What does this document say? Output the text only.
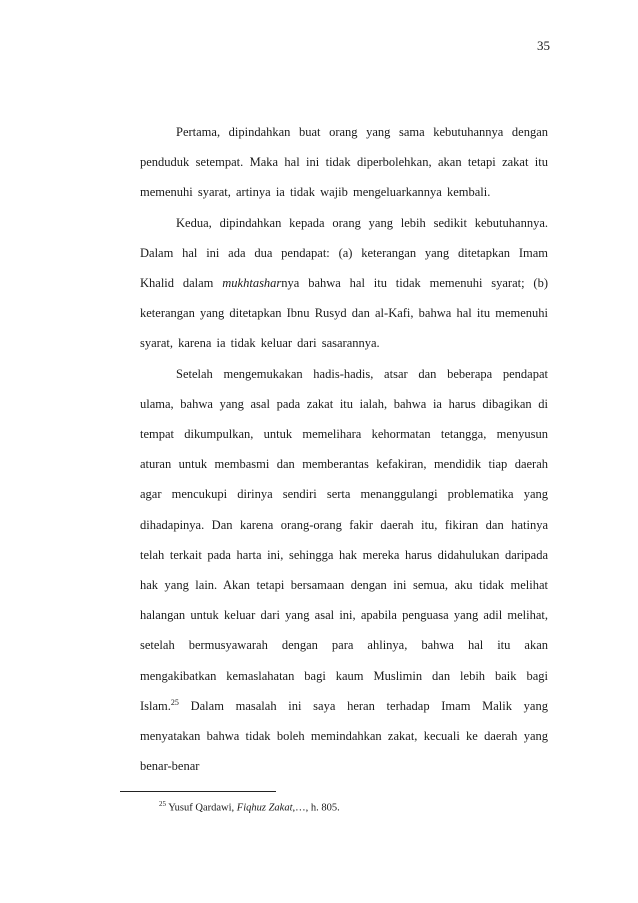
35

Pertama, dipindahkan buat orang yang sama kebutuhannya dengan penduduk setempat. Maka hal ini tidak diperbolehkan, akan tetapi zakat itu memenuhi syarat, artinya ia tidak wajib mengeluarkannya kembali.

Kedua, dipindahkan kepada orang yang lebih sedikit kebutuhannya. Dalam hal ini ada dua pendapat: (a) keterangan yang ditetapkan Imam Khalid dalam mukhtasharnya bahwa hal itu tidak memenuhi syarat; (b) keterangan yang ditetapkan Ibnu Rusyd dan al-Kafi, bahwa hal itu memenuhi syarat, karena ia tidak keluar dari sasarannya.

Setelah mengemukakan hadis-hadis, atsar dan beberapa pendapat ulama, bahwa yang asal pada zakat itu ialah, bahwa ia harus dibagikan di tempat dikumpulkan, untuk memelihara kehormatan tetangga, menyusun aturan untuk membasmi dan memberantas kefakiran, mendidik tiap daerah agar mencukupi dirinya sendiri serta menanggulangi problematika yang dihadapinya. Dan karena orang-orang fakir daerah itu, fikiran dan hatinya telah terkait pada harta ini, sehingga hak mereka harus didahulukan daripada hak yang lain. Akan tetapi bersamaan dengan ini semua, aku tidak melihat halangan untuk keluar dari yang asal ini, apabila penguasa yang adil melihat, setelah bermusyawarah dengan para ahlinya, bahwa hal itu akan mengakibatkan kemaslahatan bagi kaum Muslimin dan lebih baik bagi Islam.$^{25}$ Dalam masalah ini saya heran terhadap Imam Malik yang menyatakan bahwa tidak boleh memindahkan zakat, kecuali ke daerah yang benar-benar

$^{25}$ Yusuf Qardawi, Fiqhuz Zakat,…, h. 805.
